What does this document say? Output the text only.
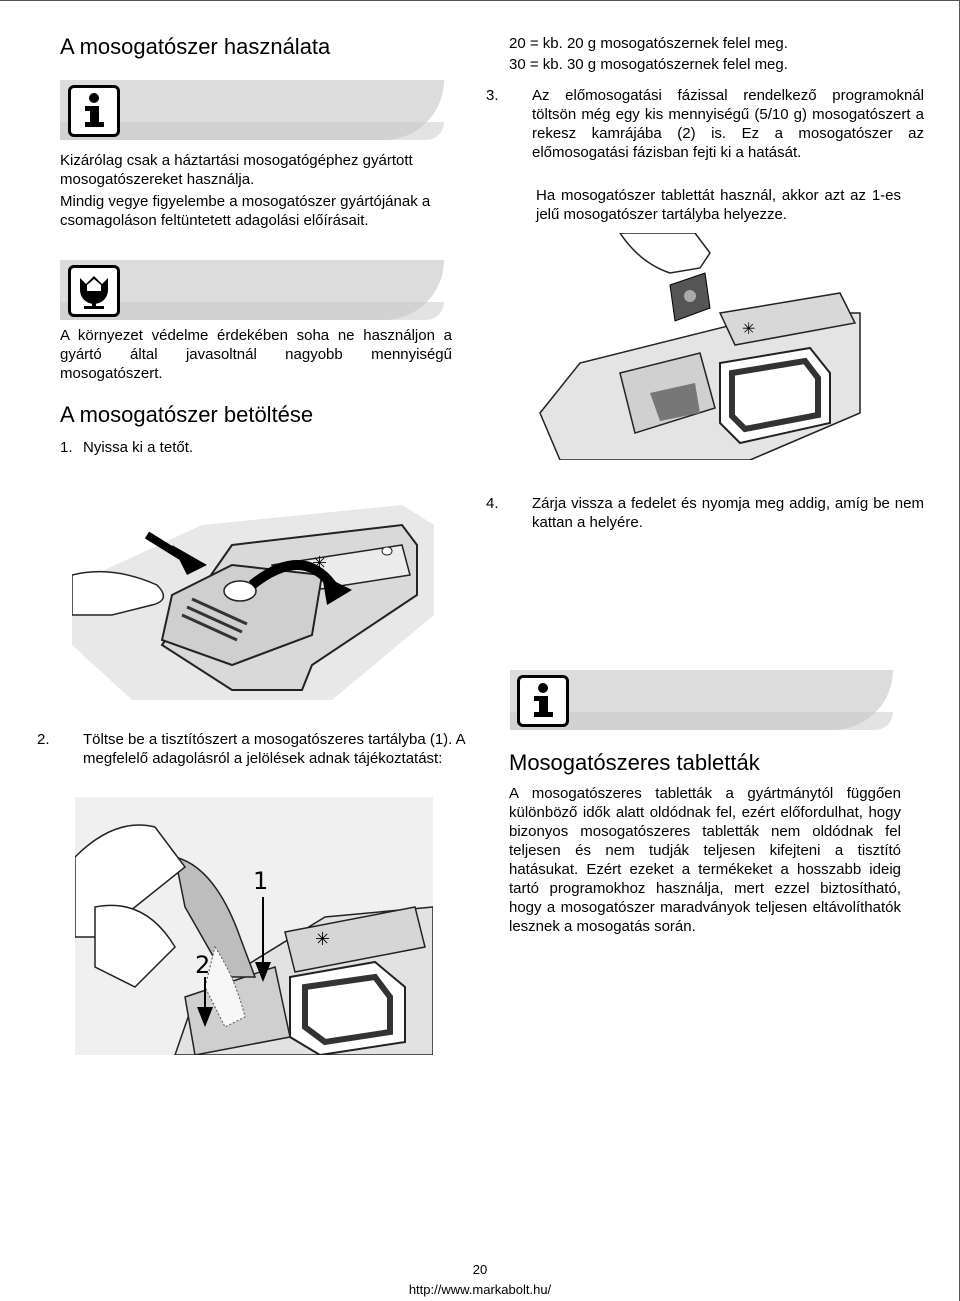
A mosogatószer használata

Kizárólag csak a háztartási mosogatógéphez gyártott mosogatószereket használja.

Mindig vegye figyelembe a mosogatószer gyártójának a csomagoláson feltüntetett adagolási előírásait.

A környezet védelme érdekében soha ne használjon a gyártó által javasoltnál nagyobb mennyiségű mosogatószert.

A mosogatószer betöltése

1. Nyissa ki a tetőt.

✳

2. Töltse be a tisztítószert a mosogatószeres tartályba (1). A megfelelő adagolásról a jelölések adnak tájékoztatást:

✳
1
2

20 = kb. 20 g mosogatószernek felel meg.

30 = kb. 30 g mosogatószernek felel meg.

3. Az előmosogatási fázissal rendelkező programoknál töltsön még egy kis mennyiségű (5/10 g) mosogatószert a rekesz kamrájába (2) is. Ez a mosogatószer az előmosogatási fázisban fejti ki a hatását.

Ha mosogatószer tablettát használ, akkor azt az 1-es jelű mosogatószer tartályba helyezze.

✳

4. Zárja vissza a fedelet és nyomja meg addig, amíg be nem kattan a helyére.

Mosogatószeres tabletták

A mosogatószeres tabletták a gyártmánytól függően különböző idők alatt oldódnak fel, ezért előfordulhat, hogy bizonyos mosogatószeres tabletták nem oldódnak fel teljesen és nem tudják teljesen kifejteni a tisztító hatásukat. Ezért ezeket a termékeket a hosszabb ideig tartó programokhoz használja, mert ezzel biztosítható, hogy a mosogatószer maradványok teljesen eltávolíthatók lesznek a mosogatás során.

20
http://www.markabolt.hu/
